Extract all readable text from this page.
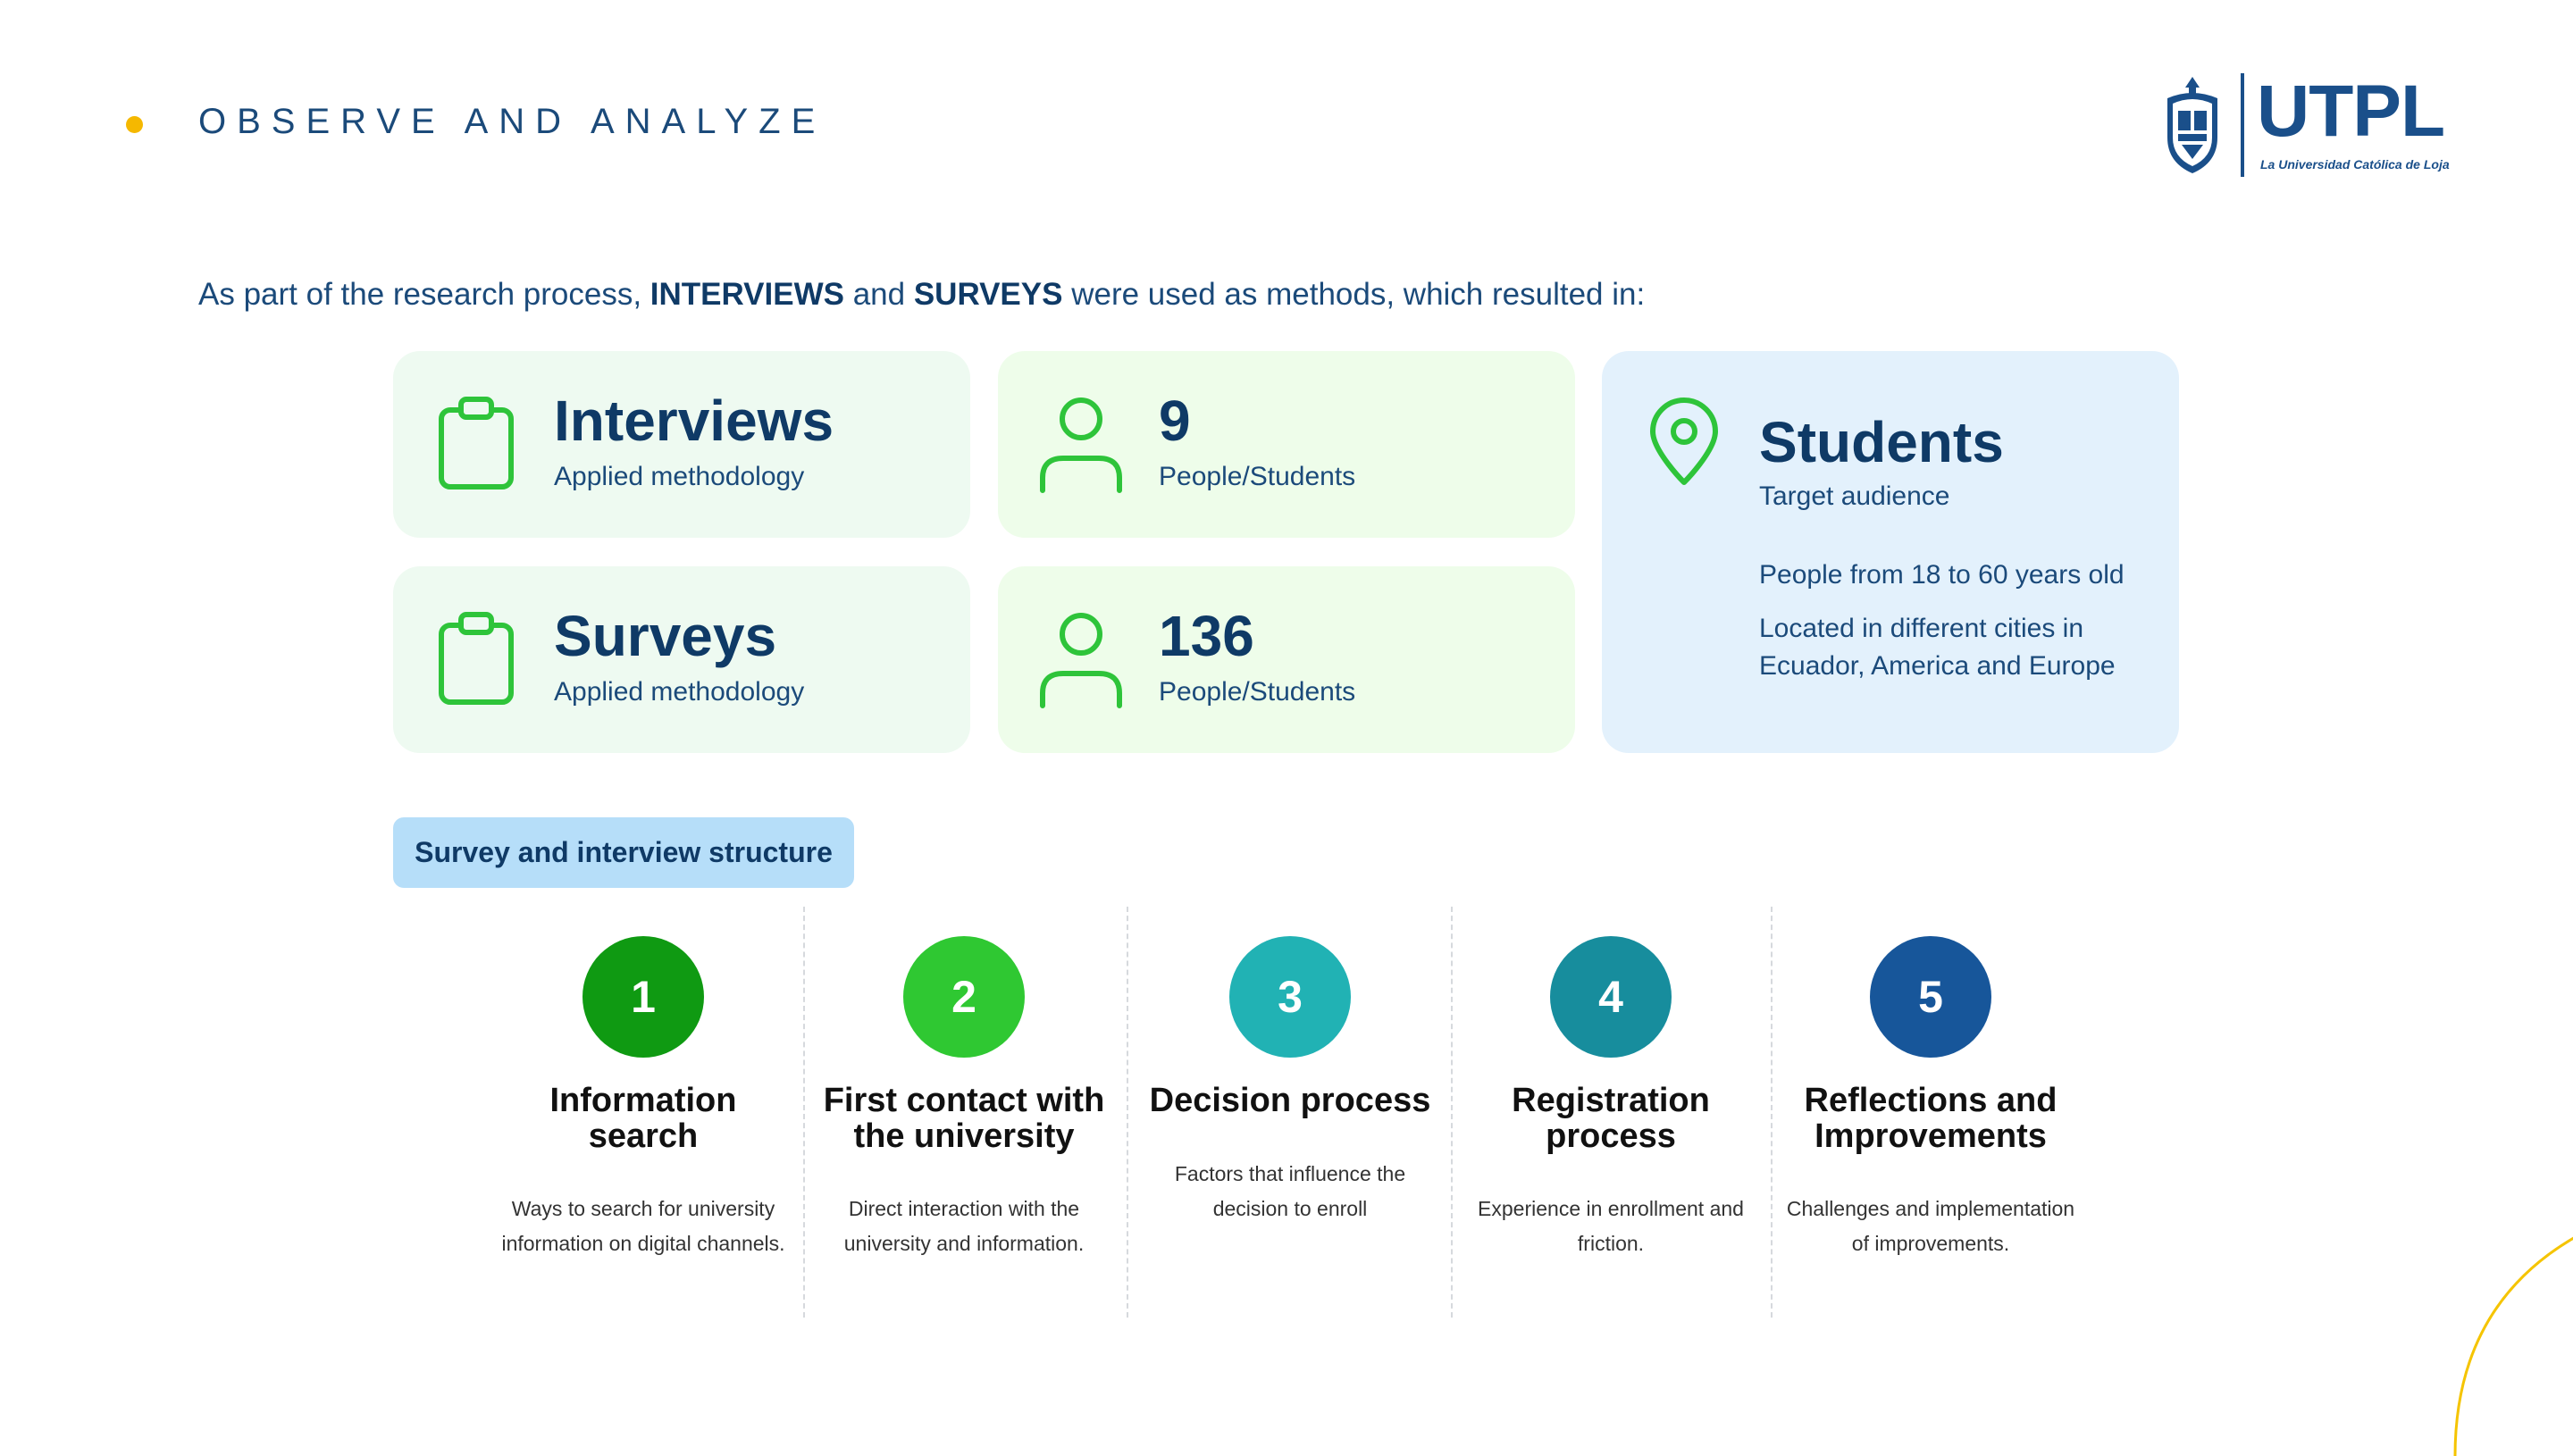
OBSERVE AND ANALYZE	UTPL
La Universidad Católica de Loja
As part of the research process, INTERVIEWS and SURVEYS were used as methods, which resulted in:
Interviews
Applied methodology
Surveys
Applied methodology
9
People/Students
136
People/Students
Students
Target audience
People from 18 to 60 years old
Located in different cities in
Ecuador, America and Europe
Survey and interview structure
1
Information
search
Ways to search for university
information on digital channels.
2
First contact with
the university
Direct interaction with the
university and information.
3
Decision process
Factors that influence the
decision to enroll
4
Registration
process
Experience in enrollment and
friction.
5
Reflections and
Improvements
Challenges and implementation
of improvements.
